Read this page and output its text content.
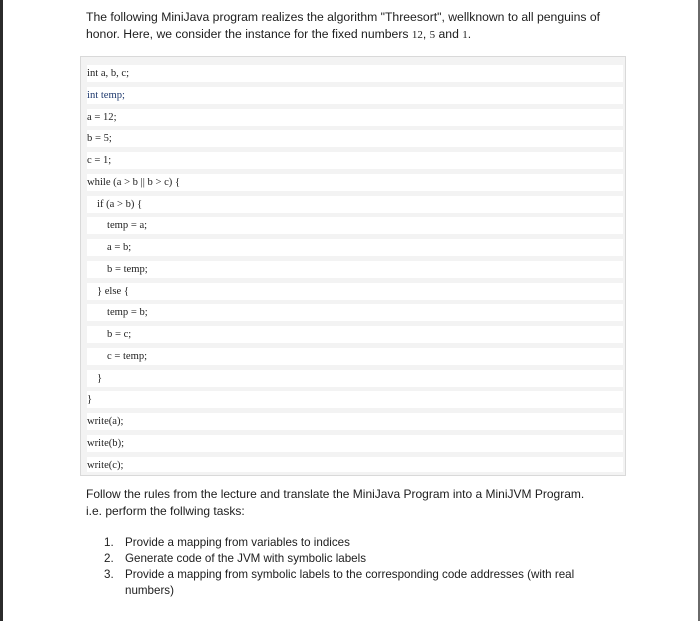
The following MiniJava program realizes the algorithm "Threesort", wellknown to all penguins of
honor. Here, we consider the instance for the fixed numbers 12, 5 and 1.
int a, b, c;
int temp;
a = 12;
b = 5;
c = 1;
while (a > b || b > c) {
if (a > b) {
temp = a;
a = b;
b = temp;
} else {
temp = b;
b = c;
c = temp;
}
}
write(a);
write(b);
write(c);
Follow the rules from the lecture and translate the MiniJava Program into a MiniJVM Program.
i.e. perform the follwing tasks:
1. Provide a mapping from variables to indices
2. Generate code of the JVM with symbolic labels
3. Provide a mapping from symbolic labels to the corresponding code addresses (with real numbers)
